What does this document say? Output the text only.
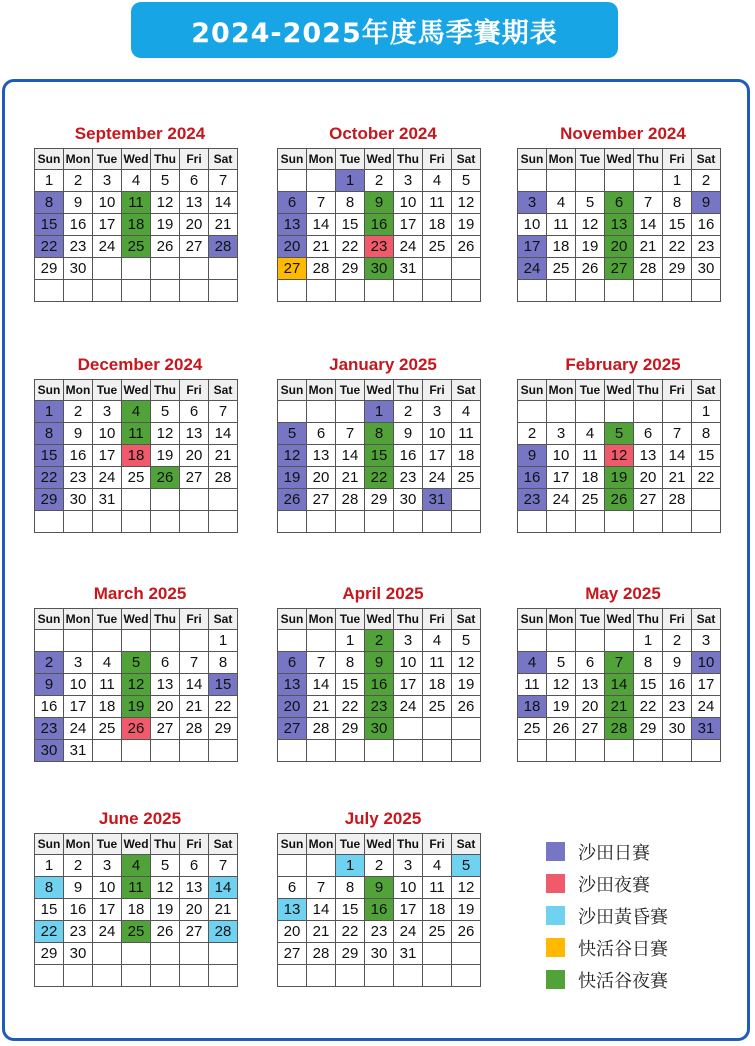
2024-2025年度馬季賽期表
September 2024
Sun	Mon	Tue	Wed	Thu	Fri	Sat
1	2	3	4	5	6	7
8	9	10	11	12	13	14
15	16	17	18	19	20	21
22	23	24	25	26	27	28
29	30					

October 2024
Sun	Mon	Tue	Wed	Thu	Fri	Sat
		1	2	3	4	5
6	7	8	9	10	11	12
13	14	15	16	17	18	19
20	21	22	23	24	25	26
27	28	29	30	31		

November 2024
Sun	Mon	Tue	Wed	Thu	Fri	Sat
					1	2
3	4	5	6	7	8	9
10	11	12	13	14	15	16
17	18	19	20	21	22	23
24	25	26	27	28	29	30

December 2024
Sun	Mon	Tue	Wed	Thu	Fri	Sat
1	2	3	4	5	6	7
8	9	10	11	12	13	14
15	16	17	18	19	20	21
22	23	24	25	26	27	28
29	30	31				

January 2025
Sun	Mon	Tue	Wed	Thu	Fri	Sat
			1	2	3	4
5	6	7	8	9	10	11
12	13	14	15	16	17	18
19	20	21	22	23	24	25
26	27	28	29	30	31	

February 2025
Sun	Mon	Tue	Wed	Thu	Fri	Sat
						1
2	3	4	5	6	7	8
9	10	11	12	13	14	15
16	17	18	19	20	21	22
23	24	25	26	27	28	

March 2025
Sun	Mon	Tue	Wed	Thu	Fri	Sat
						1
2	3	4	5	6	7	8
9	10	11	12	13	14	15
16	17	18	19	20	21	22
23	24	25	26	27	28	29
30	31					
April 2025
Sun	Mon	Tue	Wed	Thu	Fri	Sat
		1	2	3	4	5
6	7	8	9	10	11	12
13	14	15	16	17	18	19
20	21	22	23	24	25	26
27	28	29	30			

May 2025
Sun	Mon	Tue	Wed	Thu	Fri	Sat
				1	2	3
4	5	6	7	8	9	10
11	12	13	14	15	16	17
18	19	20	21	22	23	24
25	26	27	28	29	30	31

June 2025
Sun	Mon	Tue	Wed	Thu	Fri	Sat
1	2	3	4	5	6	7
8	9	10	11	12	13	14
15	16	17	18	19	20	21
22	23	24	25	26	27	28
29	30					

July 2025
Sun	Mon	Tue	Wed	Thu	Fri	Sat
		1	2	3	4	5
6	7	8	9	10	11	12
13	14	15	16	17	18	19
20	21	22	23	24	25	26
27	28	29	30	31		

沙田日賽
沙田夜賽
沙田黃昏賽
快活谷日賽
快活谷夜賽
